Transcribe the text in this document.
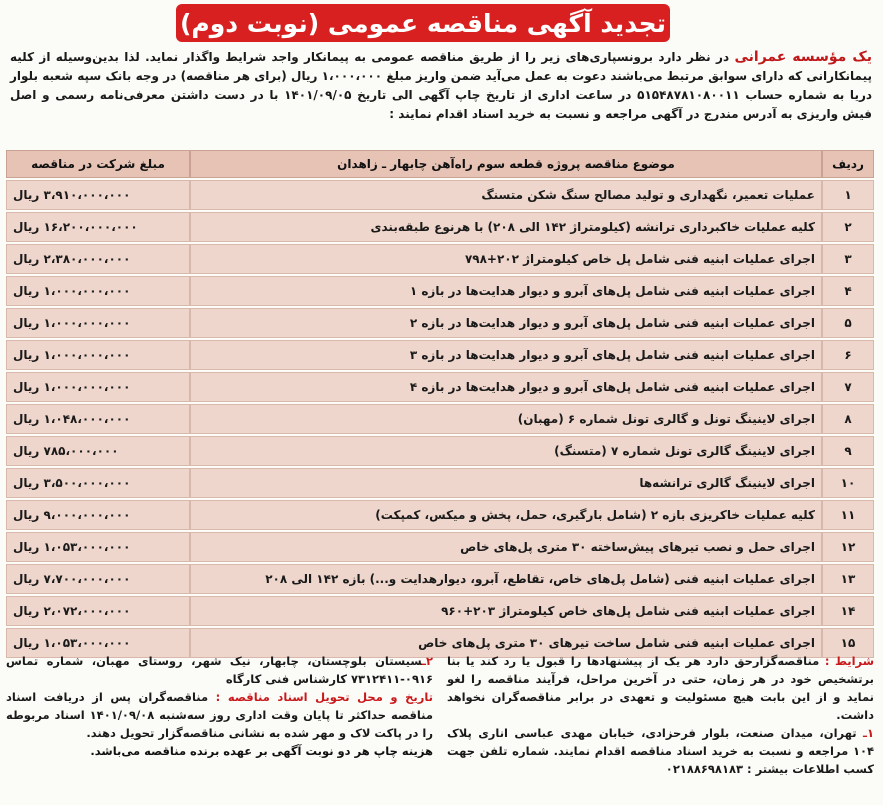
تجدید آگهی مناقصه عمومی (نوبت دوم)
یک مؤسسه عمرانی در نظر دارد برونسپاری‌های زیر را از طریق مناقصه عمومی به پیمانکار واجد شرایط واگذار نماید. لذا بدین‌وسیله از کلیه پیمانکارانی که دارای سوابق مرتبط می‌باشند دعوت به عمل می‌آید ضمن واریز مبلغ ۱،۰۰۰،۰۰۰ ریال (برای هر مناقصه) در وجه بانک سپه شعبه بلوار دریا به شماره حساب ۵۱۵۴۸۷۸۱۰۸۰۰۱۱ در ساعت اداری از تاریخ چاپ آگهی الی تاریخ ۱۴۰۱/۰۹/۰۵ با در دست داشتن معرفی‌نامه رسمی و اصل فیش واریزی به آدرس مندرج در آگهی مراجعه و نسبت به خرید اسناد اقدام نمایند :
ردیف	موضوع مناقصه پروژه قطعه سوم راه‌آهن چابهار ـ زاهدان	مبلغ شرکت در مناقصه
۱	عملیات تعمیر، نگهداری و تولید مصالح سنگ شکن متسنگ	۳،۹۱۰،۰۰۰،۰۰۰ ریال
۲	کلیه عملیات خاکبرداری ترانشه (کیلومتراژ ۱۴۲ الی ۲۰۸) با هرنوع طبقه‌بندی	۱۶،۲۰۰،۰۰۰،۰۰۰ ریال
۳	اجرای عملیات ابنیه فنی شامل پل خاص کیلومتراژ ۲۰۲+۷۹۸	۲،۳۸۰،۰۰۰،۰۰۰ ریال
۴	اجرای عملیات ابنیه فنی شامل پل‌های آبرو و دیوار هدایت‌ها در بازه ۱	۱،۰۰۰،۰۰۰،۰۰۰ ریال
۵	اجرای عملیات ابنیه فنی شامل پل‌های آبرو و دیوار هدایت‌ها در بازه ۲	۱،۰۰۰،۰۰۰،۰۰۰ ریال
۶	اجرای عملیات ابنیه فنی شامل پل‌های آبرو و دیوار هدایت‌ها در بازه ۳	۱،۰۰۰،۰۰۰،۰۰۰ ریال
۷	اجرای عملیات ابنیه فنی شامل پل‌های آبرو و دیوار هدایت‌ها در بازه ۴	۱،۰۰۰،۰۰۰،۰۰۰ ریال
۸	اجرای لاینینگ تونل و گالری تونل شماره ۶ (مهبان)	۱،۰۴۸،۰۰۰،۰۰۰ ریال
۹	اجرای لاینینگ گالری تونل شماره ۷ (متسنگ)	۷۸۵،۰۰۰،۰۰۰ ریال
۱۰	اجرای لاینینگ گالری ترانشه‌ها	۳،۵۰۰،۰۰۰،۰۰۰ ریال
۱۱	کلیه عملیات خاکریزی بازه ۲ (شامل بارگیری، حمل، پخش و میکس، کمپکت)	۹،۰۰۰،۰۰۰،۰۰۰ ریال
۱۲	اجرای حمل و نصب تیرهای پیش‌ساخته ۳۰ متری پل‌های خاص	۱،۰۵۳،۰۰۰،۰۰۰ ریال
۱۳	اجرای عملیات ابنیه فنی (شامل پل‌های خاص، تقاطع، آبرو، دیوارهدایت و...) بازه ۱۴۲ الی ۲۰۸	۷،۷۰۰،۰۰۰،۰۰۰ ریال
۱۴	اجرای عملیات ابنیه فنی شامل پل‌های خاص کیلومتراژ ۲۰۳+۹۶۰	۲،۰۷۲،۰۰۰،۰۰۰ ریال
۱۵	اجرای عملیات ابنیه فنی شامل ساخت تیرهای ۳۰ متری پل‌های خاص	۱،۰۵۳،۰۰۰،۰۰۰ ریال
شرایط : مناقصه‌گزارحق دارد هر یک از پیشنهادها را قبول یا رد کند یا بنا برتشخیص خود در هر زمان، حتی در آخرین مراحل، فرآیند مناقصه را لغو نماید و از این بابت هیچ مسئولیت و تعهدی در برابر مناقصه‌گران نخواهد داشت.
۱ـ تهران، میدان صنعت، بلوار فرحزادی، خیابان مهدی عباسی اناری پلاک ۱۰۴ مراجعه و نسبت به خرید اسناد مناقصه اقدام نمایند. شماره تلفن جهت کسب اطلاعات بیشتر : ۰۲۱۸۸۶۹۸۱۸۳
۲ـسیستان بلوچستان، چابهار، نیک شهر، روستای مهبان، شماره تماس ۰۹۱۶-۷۳۱۲۴۱۱ کارشناس فنی کارگاه
تاریخ و محل تحویل اسناد مناقصه : مناقصه‌گران پس از دریافت اسناد مناقصه حداکثر تا پایان وقت اداری روز سه‌شنبه ۱۴۰۱/۰۹/۰۸ اسناد مربوطه را در پاکت لاک و مهر شده به نشانی مناقصه‌گزار تحویل دهند.
هزینه چاپ هر دو نوبت آگهی بر عهده برنده مناقصه می‌باشد.
